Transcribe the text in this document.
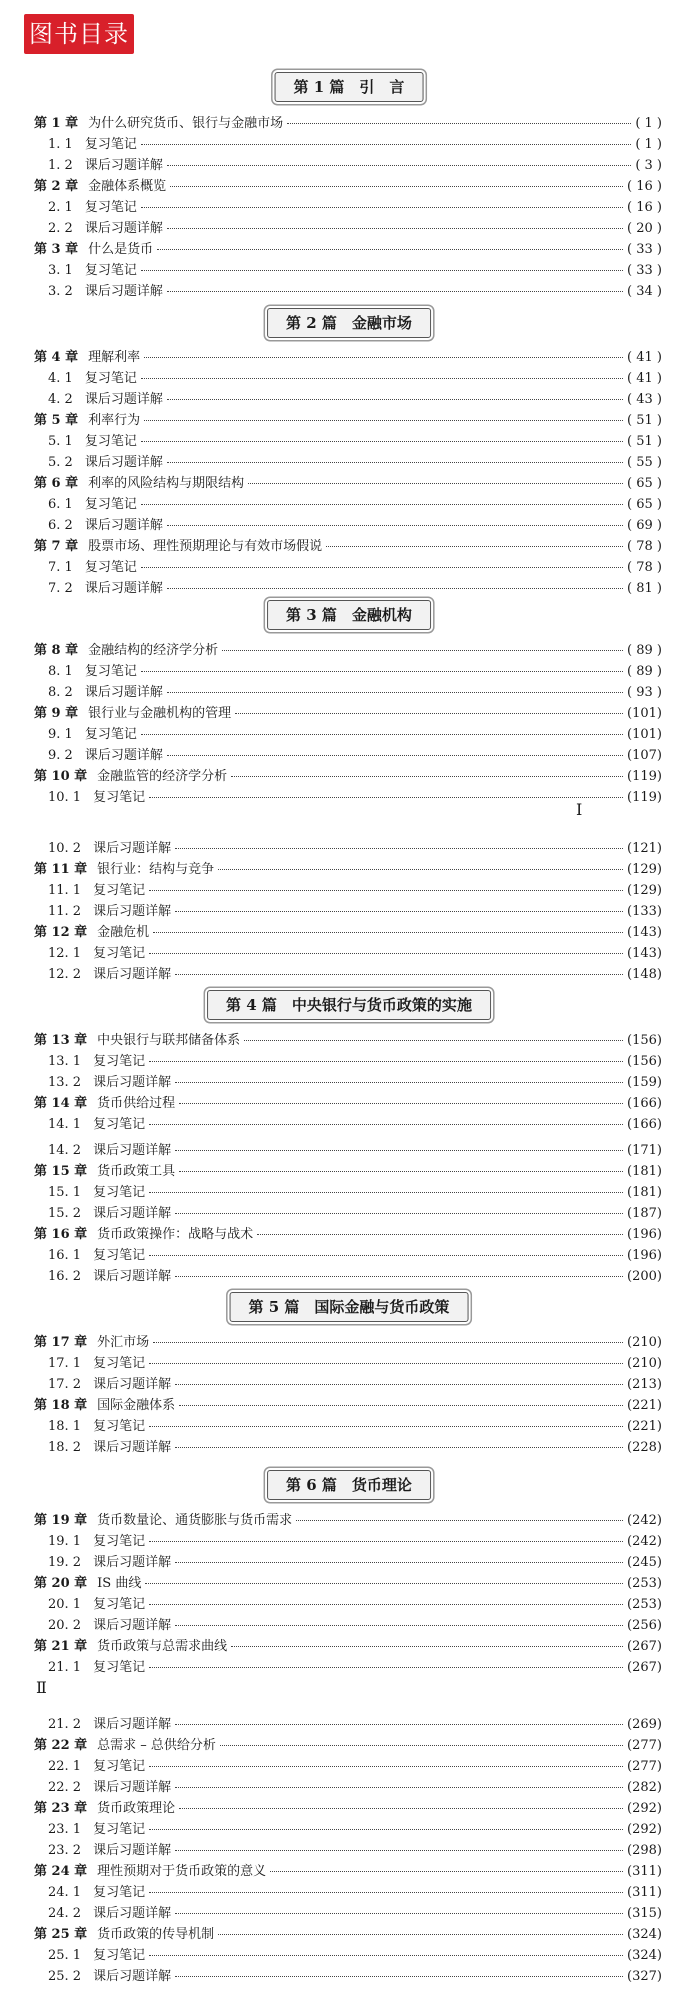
图书目录
第 1 篇　引　言
第 2 篇　金融市场
第 3 篇　金融机构
第 4 篇　中央银行与货币政策的实施
第 5 篇　国际金融与货币政策
第 6 篇　货币理论
第 1 章 为什么研究货币、银行与金融市场	( 1 )
1. 1 复习笔记	( 1 )
1. 2 课后习题详解	( 3 )
第 2 章 金融体系概览	( 16 )
2. 1 复习笔记	( 16 )
2. 2 课后习题详解	( 20 )
第 3 章 什么是货币	( 33 )
3. 1 复习笔记	( 33 )
3. 2 课后习题详解	( 34 )
第 4 章 理解利率	( 41 )
4. 1 复习笔记	( 41 )
4. 2 课后习题详解	( 43 )
第 5 章 利率行为	( 51 )
5. 1 复习笔记	( 51 )
5. 2 课后习题详解	( 55 )
第 6 章 利率的风险结构与期限结构	( 65 )
6. 1 复习笔记	( 65 )
6. 2 课后习题详解	( 69 )
第 7 章 股票市场、理性预期理论与有效市场假说	( 78 )
7. 1 复习笔记	( 78 )
7. 2 课后习题详解	( 81 )
第 8 章 金融结构的经济学分析	( 89 )
8. 1 复习笔记	( 89 )
8. 2 课后习题详解	( 93 )
第 9 章 银行业与金融机构的管理	(101)
9. 1 复习笔记	(101)
9. 2 课后习题详解	(107)
第 10 章 金融监管的经济学分析	(119)
10. 1 复习笔记	(119)
10. 2 课后习题详解	(121)
第 11 章 银行业：结构与竞争	(129)
11. 1 复习笔记	(129)
11. 2 课后习题详解	(133)
第 12 章 金融危机	(143)
12. 1 复习笔记	(143)
12. 2 课后习题详解	(148)
第 13 章 中央银行与联邦储备体系	(156)
13. 1 复习笔记	(156)
13. 2 课后习题详解	(159)
第 14 章 货币供给过程	(166)
14. 1 复习笔记	(166)
14. 2 课后习题详解	(171)
第 15 章 货币政策工具	(181)
15. 1 复习笔记	(181)
15. 2 课后习题详解	(187)
第 16 章 货币政策操作：战略与战术	(196)
16. 1 复习笔记	(196)
16. 2 课后习题详解	(200)
第 17 章 外汇市场	(210)
17. 1 复习笔记	(210)
17. 2 课后习题详解	(213)
第 18 章 国际金融体系	(221)
18. 1 复习笔记	(221)
18. 2 课后习题详解	(228)
第 19 章 货币数量论、通货膨胀与货币需求	(242)
19. 1 复习笔记	(242)
19. 2 课后习题详解	(245)
第 20 章 IS 曲线	(253)
20. 1 复习笔记	(253)
20. 2 课后习题详解	(256)
第 21 章 货币政策与总需求曲线	(267)
21. 1 复习笔记	(267)
21. 2 课后习题详解	(269)
第 22 章 总需求 – 总供给分析	(277)
22. 1 复习笔记	(277)
22. 2 课后习题详解	(282)
第 23 章 货币政策理论	(292)
23. 1 复习笔记	(292)
23. 2 课后习题详解	(298)
第 24 章 理性预期对于货币政策的意义	(311)
24. 1 复习笔记	(311)
24. 2 课后习题详解	(315)
第 25 章 货币政策的传导机制	(324)
25. 1 复习笔记	(324)
25. 2 课后习题详解	(327)
Ⅰ
Ⅱ
